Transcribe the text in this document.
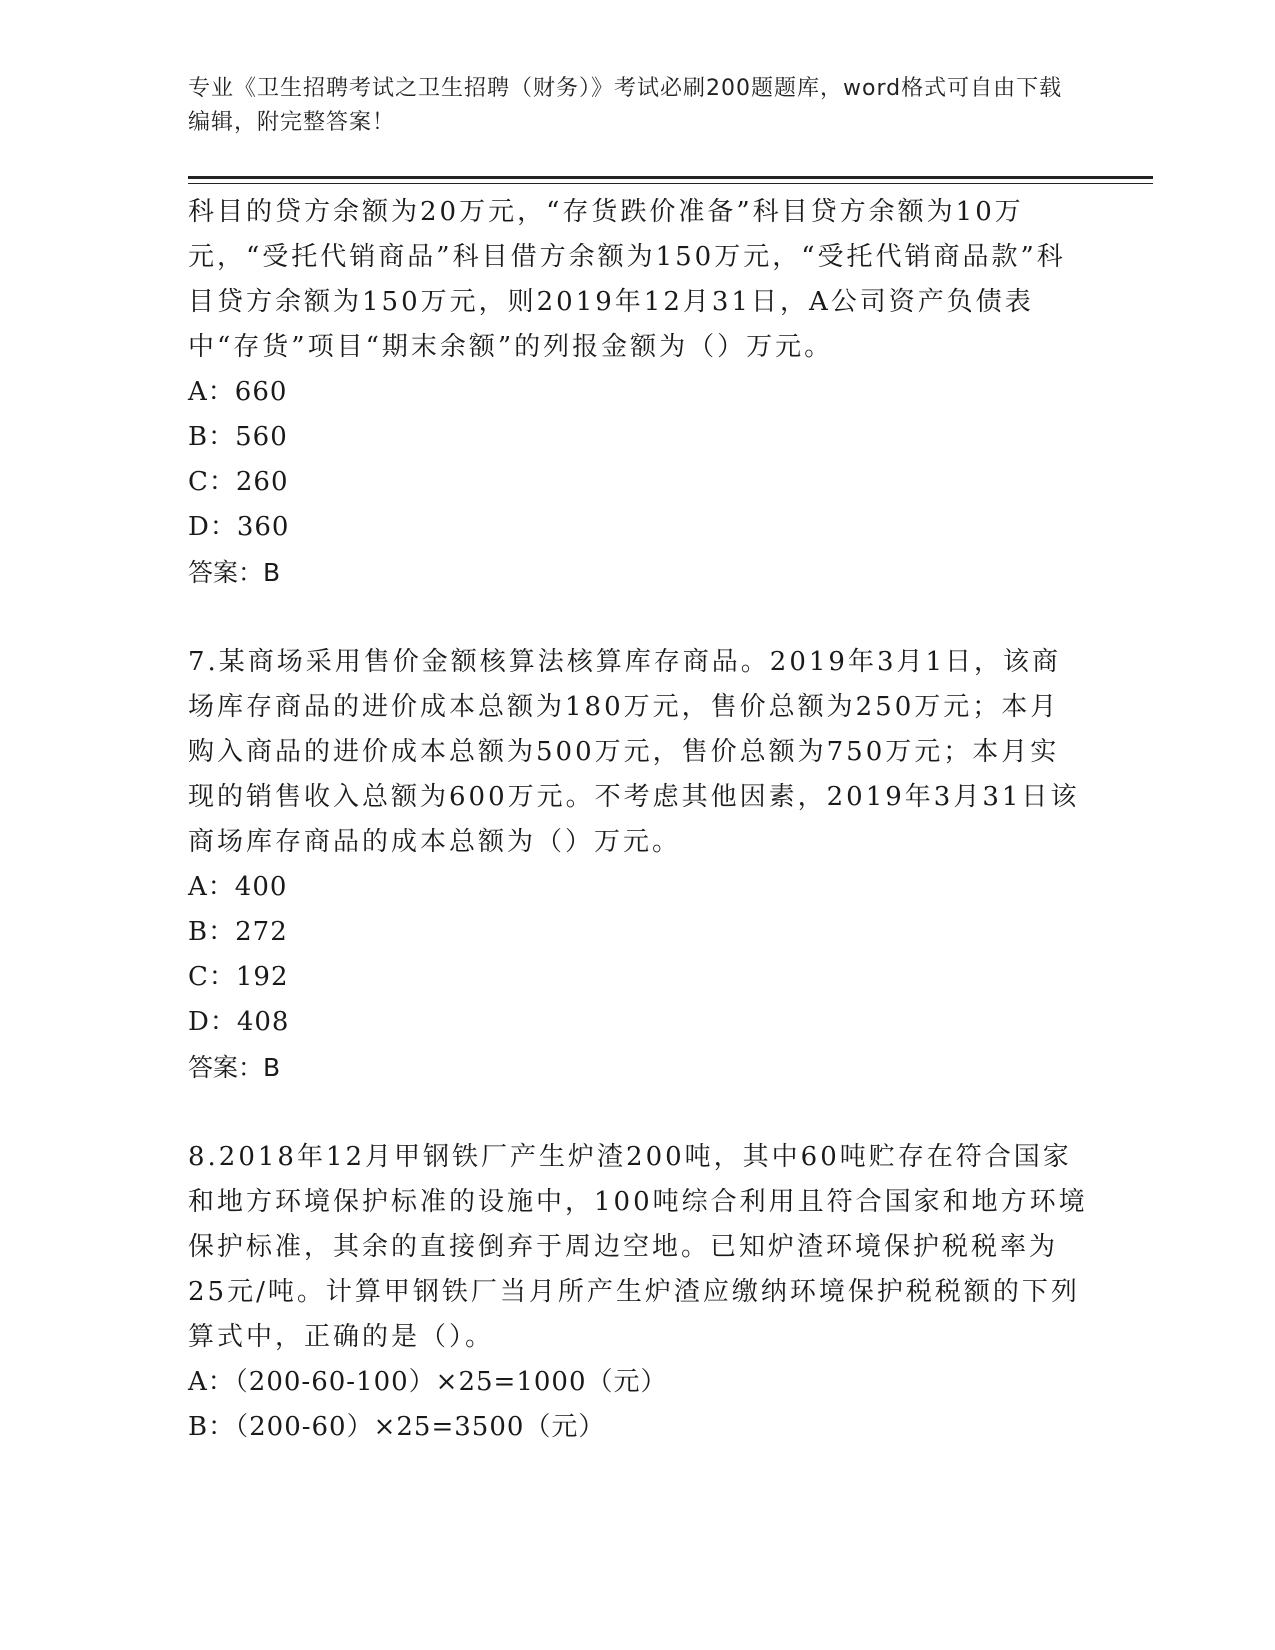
专业《卫生招聘考试之卫生招聘（财务）》考试必刷200题题库，word格式可自由下载编辑，附完整答案！

科目的贷方余额为20万元，“存货跌价准备”科目贷方余额为10万元，“受托代销商品”科目借方余额为150万元，“受托代销商品款”科目贷方余额为150万元，则2019年12月31日，A公司资产负债表中“存货”项目“期末余额”的列报金额为（）万元。

A：660

B：560

C：260

D：360

答案：B

7.某商场采用售价金额核算法核算库存商品。2019年3月1日，该商场库存商品的进价成本总额为180万元，售价总额为250万元；本月购入商品的进价成本总额为500万元，售价总额为750万元；本月实现的销售收入总额为600万元。不考虑其他因素，2019年3月31日该商场库存商品的成本总额为（）万元。

A：400

B：272

C：192

D：408

答案：B

8.2018年12月甲钢铁厂产生炉渣200吨，其中60吨贮存在符合国家和地方环境保护标准的设施中，100吨综合利用且符合国家和地方环境保护标准，其余的直接倒弃于周边空地。已知炉渣环境保护税税率为25元/吨。计算甲钢铁厂当月所产生炉渣应缴纳环境保护税税额的下列算式中，正确的是（）。

A：（200-60-100）×25=1000（元）

B：（200-60）×25=3500（元）
